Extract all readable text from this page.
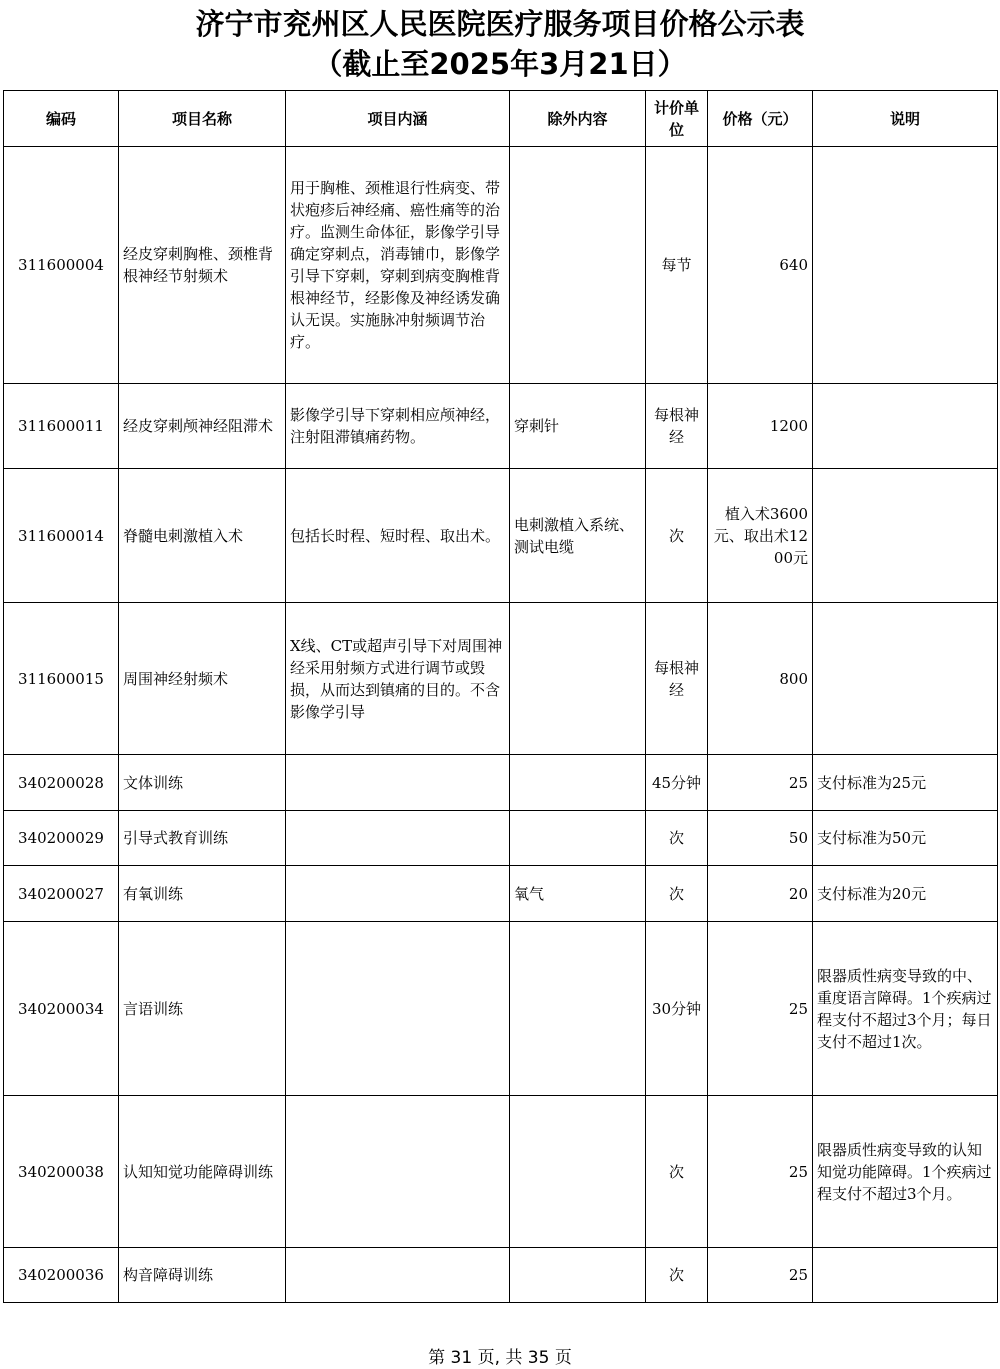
济宁市兖州区人民医院医疗服务项目价格公示表
（截止至2025年3月21日）
编码	项目名称	项目内涵	除外内容	计价单位	价格（元）	说明
311600004	经皮穿刺胸椎、颈椎背根神经节射频术	用于胸椎、颈椎退行性病变、带状疱疹后神经痛、癌性痛等的治疗。监测生命体征，影像学引导确定穿刺点，消毒铺巾，影像学引导下穿刺，穿刺到病变胸椎背根神经节，经影像及神经诱发确认无误。实施脉冲射频调节治疗。		每节	640	
311600011	经皮穿刺颅神经阻滞术	影像学引导下穿刺相应颅神经，注射阻滞镇痛药物。	穿刺针	每根神经	1200	
311600014	脊髓电刺激植入术	包括长时程、短时程、取出术。	电刺激植入系统、测试电缆	次	植入术3600元、取出术1200元	
311600015	周围神经射频术	X线、CT或超声引导下对周围神经采用射频方式进行调节或毁损，从而达到镇痛的目的。不含影像学引导		每根神经	800	
340200028	文体训练			45分钟	25	支付标准为25元
340200029	引导式教育训练			次	50	支付标准为50元
340200027	有氧训练		氧气	次	20	支付标准为20元
340200034	言语训练			30分钟	25	限器质性病变导致的中、重度语言障碍。1个疾病过程支付不超过3个月；每日支付不超过1次。
340200038	认知知觉功能障碍训练			次	25	限器质性病变导致的认知知觉功能障碍。1个疾病过程支付不超过3个月。
340200036	构音障碍训练			次	25	
第 31 页, 共 35 页
